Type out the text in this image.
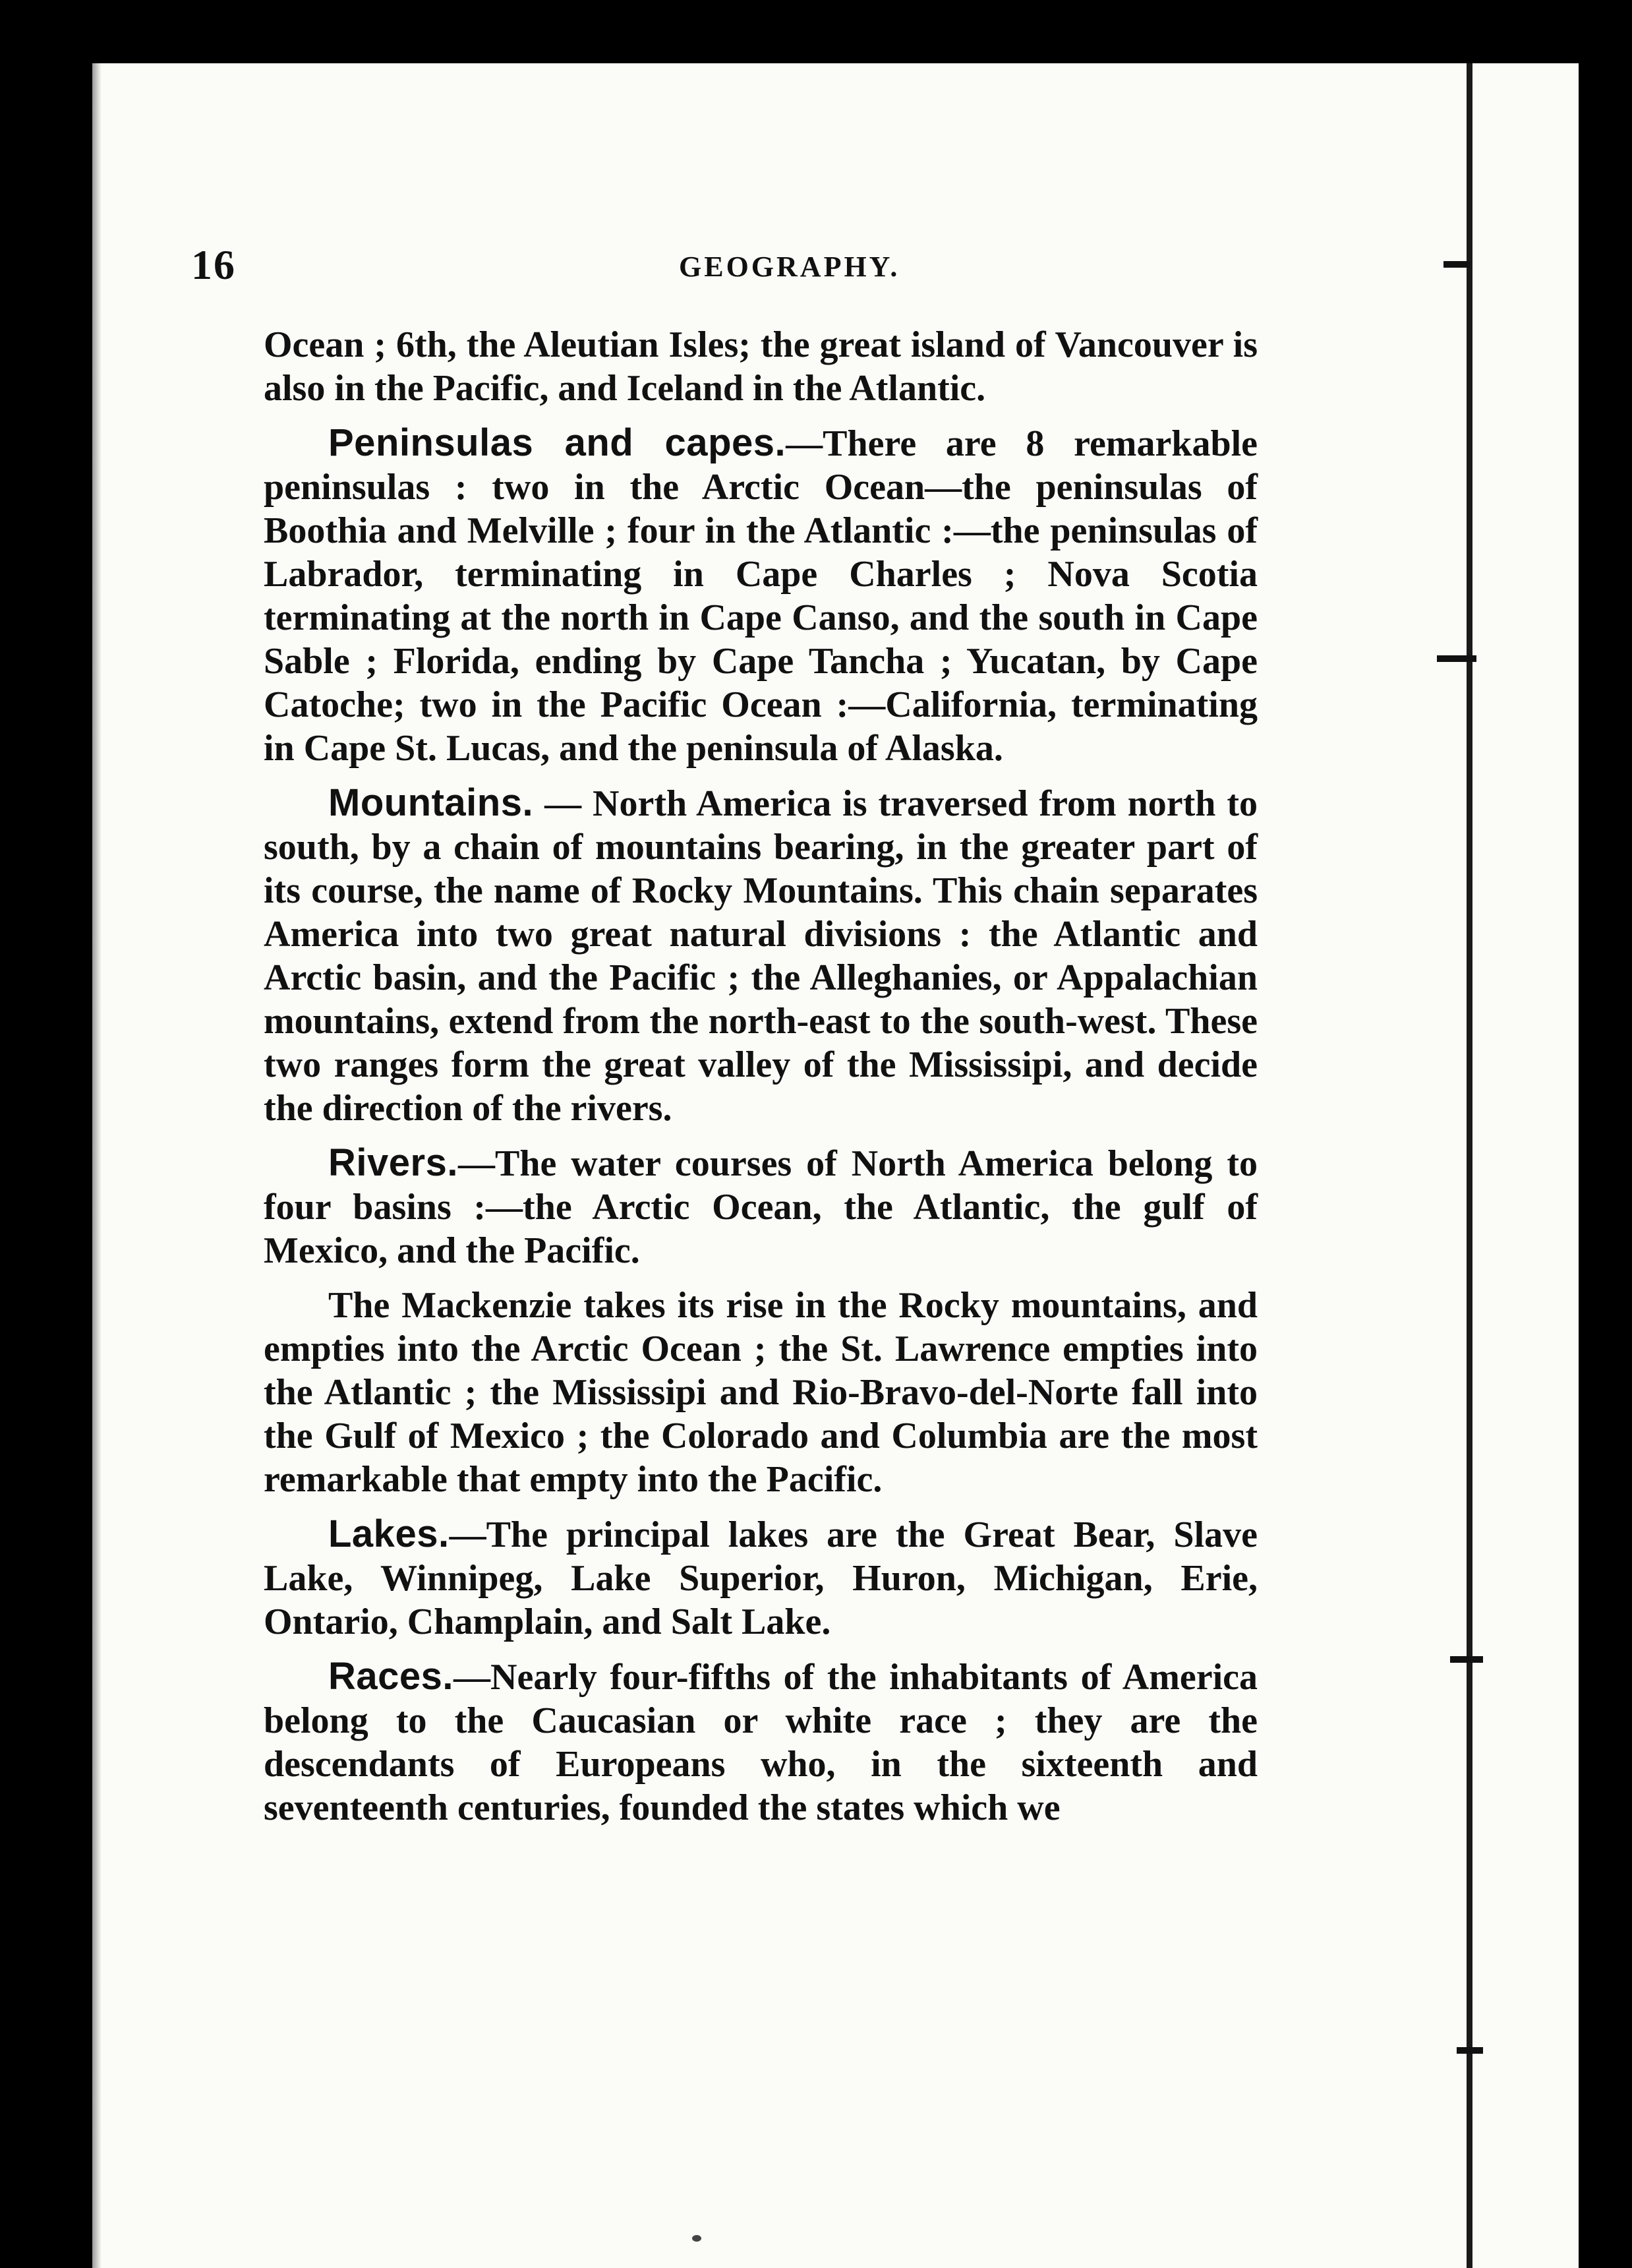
16	GEOGRAPHY.

Ocean ; 6th, the Aleutian Isles; the great island of Vancouver is also in the Pacific, and Iceland in the Atlantic.

Peninsulas and capes.—There are 8 remarkable peninsulas : two in the Arctic Ocean—the peninsulas of Boothia and Melville ; four in the Atlantic :—the peninsulas of Labrador, terminating in Cape Charles ; Nova Scotia terminating at the north in Cape Canso, and the south in Cape Sable ; Florida, ending by Cape Tancha ; Yucatan, by Cape Catoche; two in the Pacific Ocean :—California, terminating in Cape St. Lucas, and the peninsula of Alaska.

Mountains. — North America is traversed from north to south, by a chain of mountains bearing, in the greater part of its course, the name of Rocky Mountains. This chain separates America into two great natural divisions : the Atlantic and Arctic basin, and the Pacific ; the Alleghanies, or Appalachian mountains, extend from the north-east to the south-west. These two ranges form the great valley of the Mississipi, and decide the direction of the rivers.

Rivers.—The water courses of North America belong to four basins :—the Arctic Ocean, the Atlantic, the gulf of Mexico, and the Pacific.

The Mackenzie takes its rise in the Rocky mountains, and empties into the Arctic Ocean ; the St. Lawrence empties into the Atlantic ; the Mississipi and Rio-Bravo-del-Norte fall into the Gulf of Mexico ; the Colorado and Columbia are the most remarkable that empty into the Pacific.

Lakes.—The principal lakes are the Great Bear, Slave Lake, Winnipeg, Lake Superior, Huron, Michigan, Erie, Ontario, Champlain, and Salt Lake.

Races.—Nearly four-fifths of the inhabitants of America belong to the Caucasian or white race ; they are the descendants of Europeans who, in the sixteenth and seventeenth centuries, founded the states which we
